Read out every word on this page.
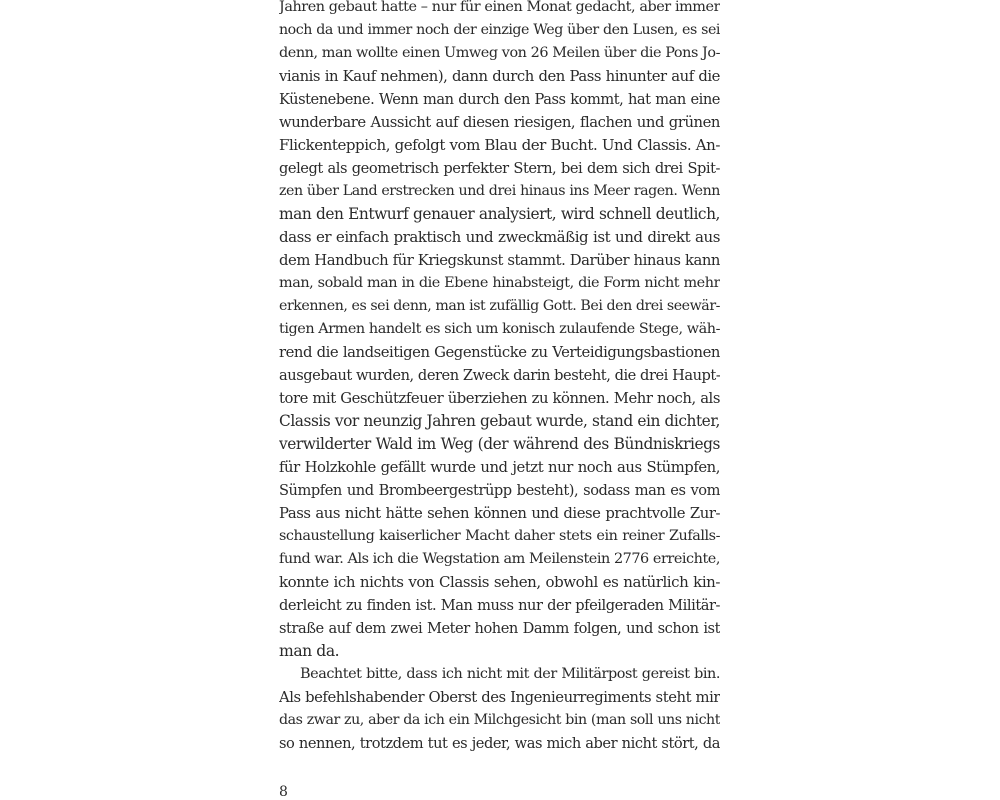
Jahren gebaut hatte – nur für einen Monat gedacht, aber immer
noch da und immer noch der einzige Weg über den Lusen, es sei
denn, man wollte einen Umweg von 26 Meilen über die Pons Jo-
vianis in Kauf nehmen), dann durch den Pass hinunter auf die
Küstenebene. Wenn man durch den Pass kommt, hat man eine
wunderbare Aussicht auf diesen riesigen, flachen und grünen
Flickenteppich, gefolgt vom Blau der Bucht. Und Classis. An-
gelegt als geometrisch perfekter Stern, bei dem sich drei Spit-
zen über Land erstrecken und drei hinaus ins Meer ragen. Wenn
man den Entwurf genauer analysiert, wird schnell deutlich,
dass er einfach praktisch und zweckmäßig ist und direkt aus
dem Handbuch für Kriegskunst stammt. Darüber hinaus kann
man, sobald man in die Ebene hinabsteigt, die Form nicht mehr
erkennen, es sei denn, man ist zufällig Gott. Bei den drei seewär-
tigen Armen handelt es sich um konisch zulaufende Stege, wäh-
rend die landseitigen Gegenstücke zu Verteidigungsbastionen
ausgebaut wurden, deren Zweck darin besteht, die drei Haupt-
tore mit Geschützfeuer überziehen zu können. Mehr noch, als
Classis vor neunzig Jahren gebaut wurde, stand ein dichter,
verwilderter Wald im Weg (der während des Bündniskriegs
für Holzkohle gefällt wurde und jetzt nur noch aus Stümpfen,
Sümpfen und Brombeergestrüpp besteht), sodass man es vom
Pass aus nicht hätte sehen können und diese prachtvolle Zur-
schaustellung kaiserlicher Macht daher stets ein reiner Zufalls-
fund war. Als ich die Wegstation am Meilenstein 2776 erreichte,
konnte ich nichts von Classis sehen, obwohl es natürlich kin-
derleicht zu finden ist. Man muss nur der pfeilgeraden Militär-
straße auf dem zwei Meter hohen Damm folgen, und schon ist
man da.
Beachtet bitte, dass ich nicht mit der Militärpost gereist bin.
Als befehlshabender Oberst des Ingenieurregiments steht mir
das zwar zu, aber da ich ein Milchgesicht bin (man soll uns nicht
so nennen, trotzdem tut es jeder, was mich aber nicht stört, da
8
